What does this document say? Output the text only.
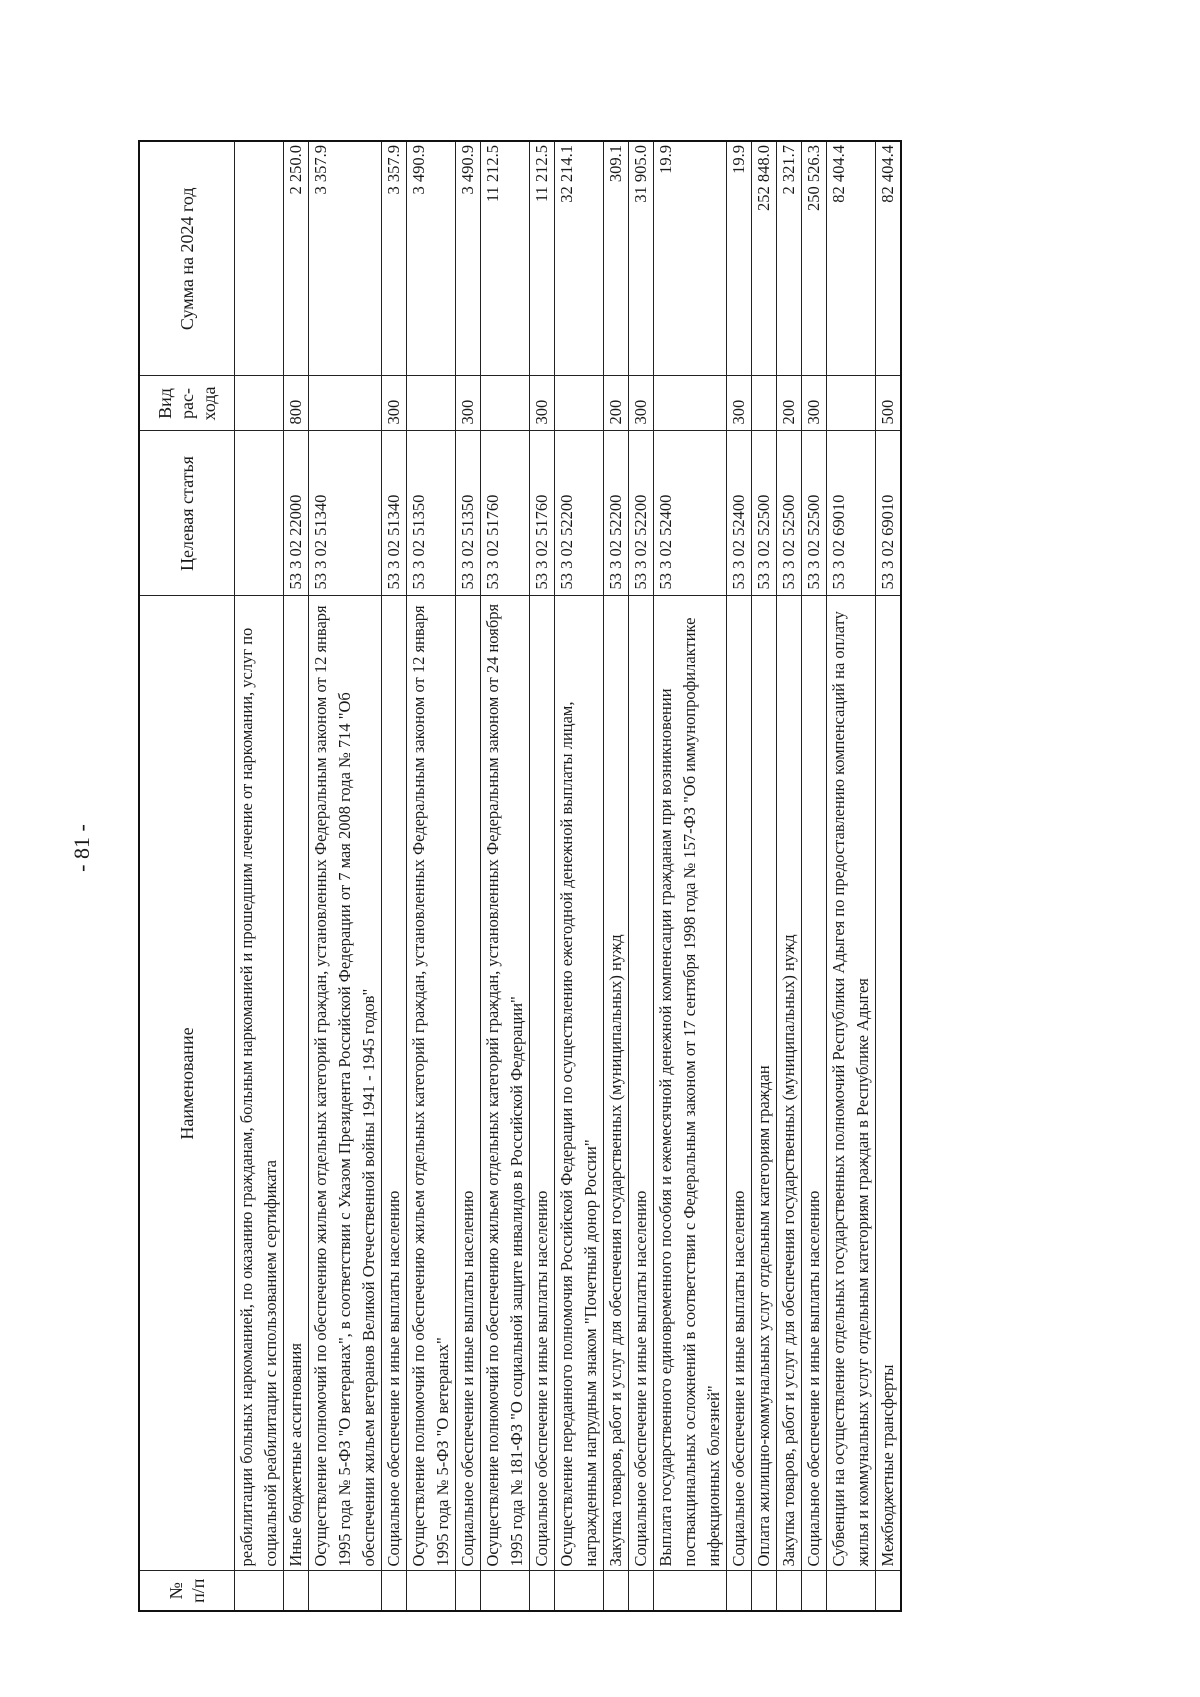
- 81 -
№ п/п	Наименование	Целевая статья	Вид рас- хода	Сумма на 2024 год
	реабилитации больных наркоманией, по оказанию гражданам, больным наркоманией и прошедшим лечение от наркомании, услуг по социальной реабилитации с использованием сертификата			
	Иные бюджетные ассигнования	53 3 02 22000	800	2 250.0
	Осуществление полномочий по обеспечению жильем отдельных категорий граждан, установленных Федеральным законом от 12 января 1995 года № 5-ФЗ "О ветеранах", в соответствии с Указом Президента Российской Федерации от 7 мая 2008 года № 714 "Об обеспечении жильем ветеранов Великой Отечественной войны 1941 - 1945 годов"	53 3 02 51340		3 357.9
	Социальное обеспечение и иные выплаты населению	53 3 02 51340	300	3 357.9
	Осуществление полномочий по обеспечению жильем отдельных категорий граждан, установленных Федеральным законом от 12 января 1995 года № 5-ФЗ "О ветеранах"	53 3 02 51350		3 490.9
	Социальное обеспечение и иные выплаты населению	53 3 02 51350	300	3 490.9
	Осуществление полномочий по обеспечению жильем отдельных категорий граждан, установленных Федеральным законом от 24 ноября 1995 года № 181-ФЗ "О социальной защите инвалидов в Российской Федерации"	53 3 02 51760		11 212.5
	Социальное обеспечение и иные выплаты населению	53 3 02 51760	300	11 212.5
	Осуществление переданного полномочия Российской Федерации по осуществлению ежегодной денежной выплаты лицам, награжденным нагрудным знаком "Почетный донор России"	53 3 02 52200		32 214.1
	Закупка товаров, работ и услуг для обеспечения государственных (муниципальных) нужд	53 3 02 52200	200	309.1
	Социальное обеспечение и иные выплаты населению	53 3 02 52200	300	31 905.0
	Выплата государственного единовременного пособия и ежемесячной денежной компенсации гражданам при возникновении поствакцинальных осложнений в соответствии с Федеральным законом от 17 сентября 1998 года № 157-ФЗ "Об иммунопрофилактике инфекционных болезней"	53 3 02 52400		19.9
	Социальное обеспечение и иные выплаты населению	53 3 02 52400	300	19.9
	Оплата жилищно-коммунальных услуг отдельным категориям граждан	53 3 02 52500		252 848.0
	Закупка товаров, работ и услуг для обеспечения государственных (муниципальных) нужд	53 3 02 52500	200	2 321.7
	Социальное обеспечение и иные выплаты населению	53 3 02 52500	300	250 526.3
	Субвенции на осуществление отдельных государственных полномочий Республики Адыгея по предоставлению компенсаций на оплату жилья и коммунальных услуг отдельным категориям граждан в Республике Адыгея	53 3 02 69010		82 404.4
	Межбюджетные трансферты	53 3 02 69010	500	82 404.4
